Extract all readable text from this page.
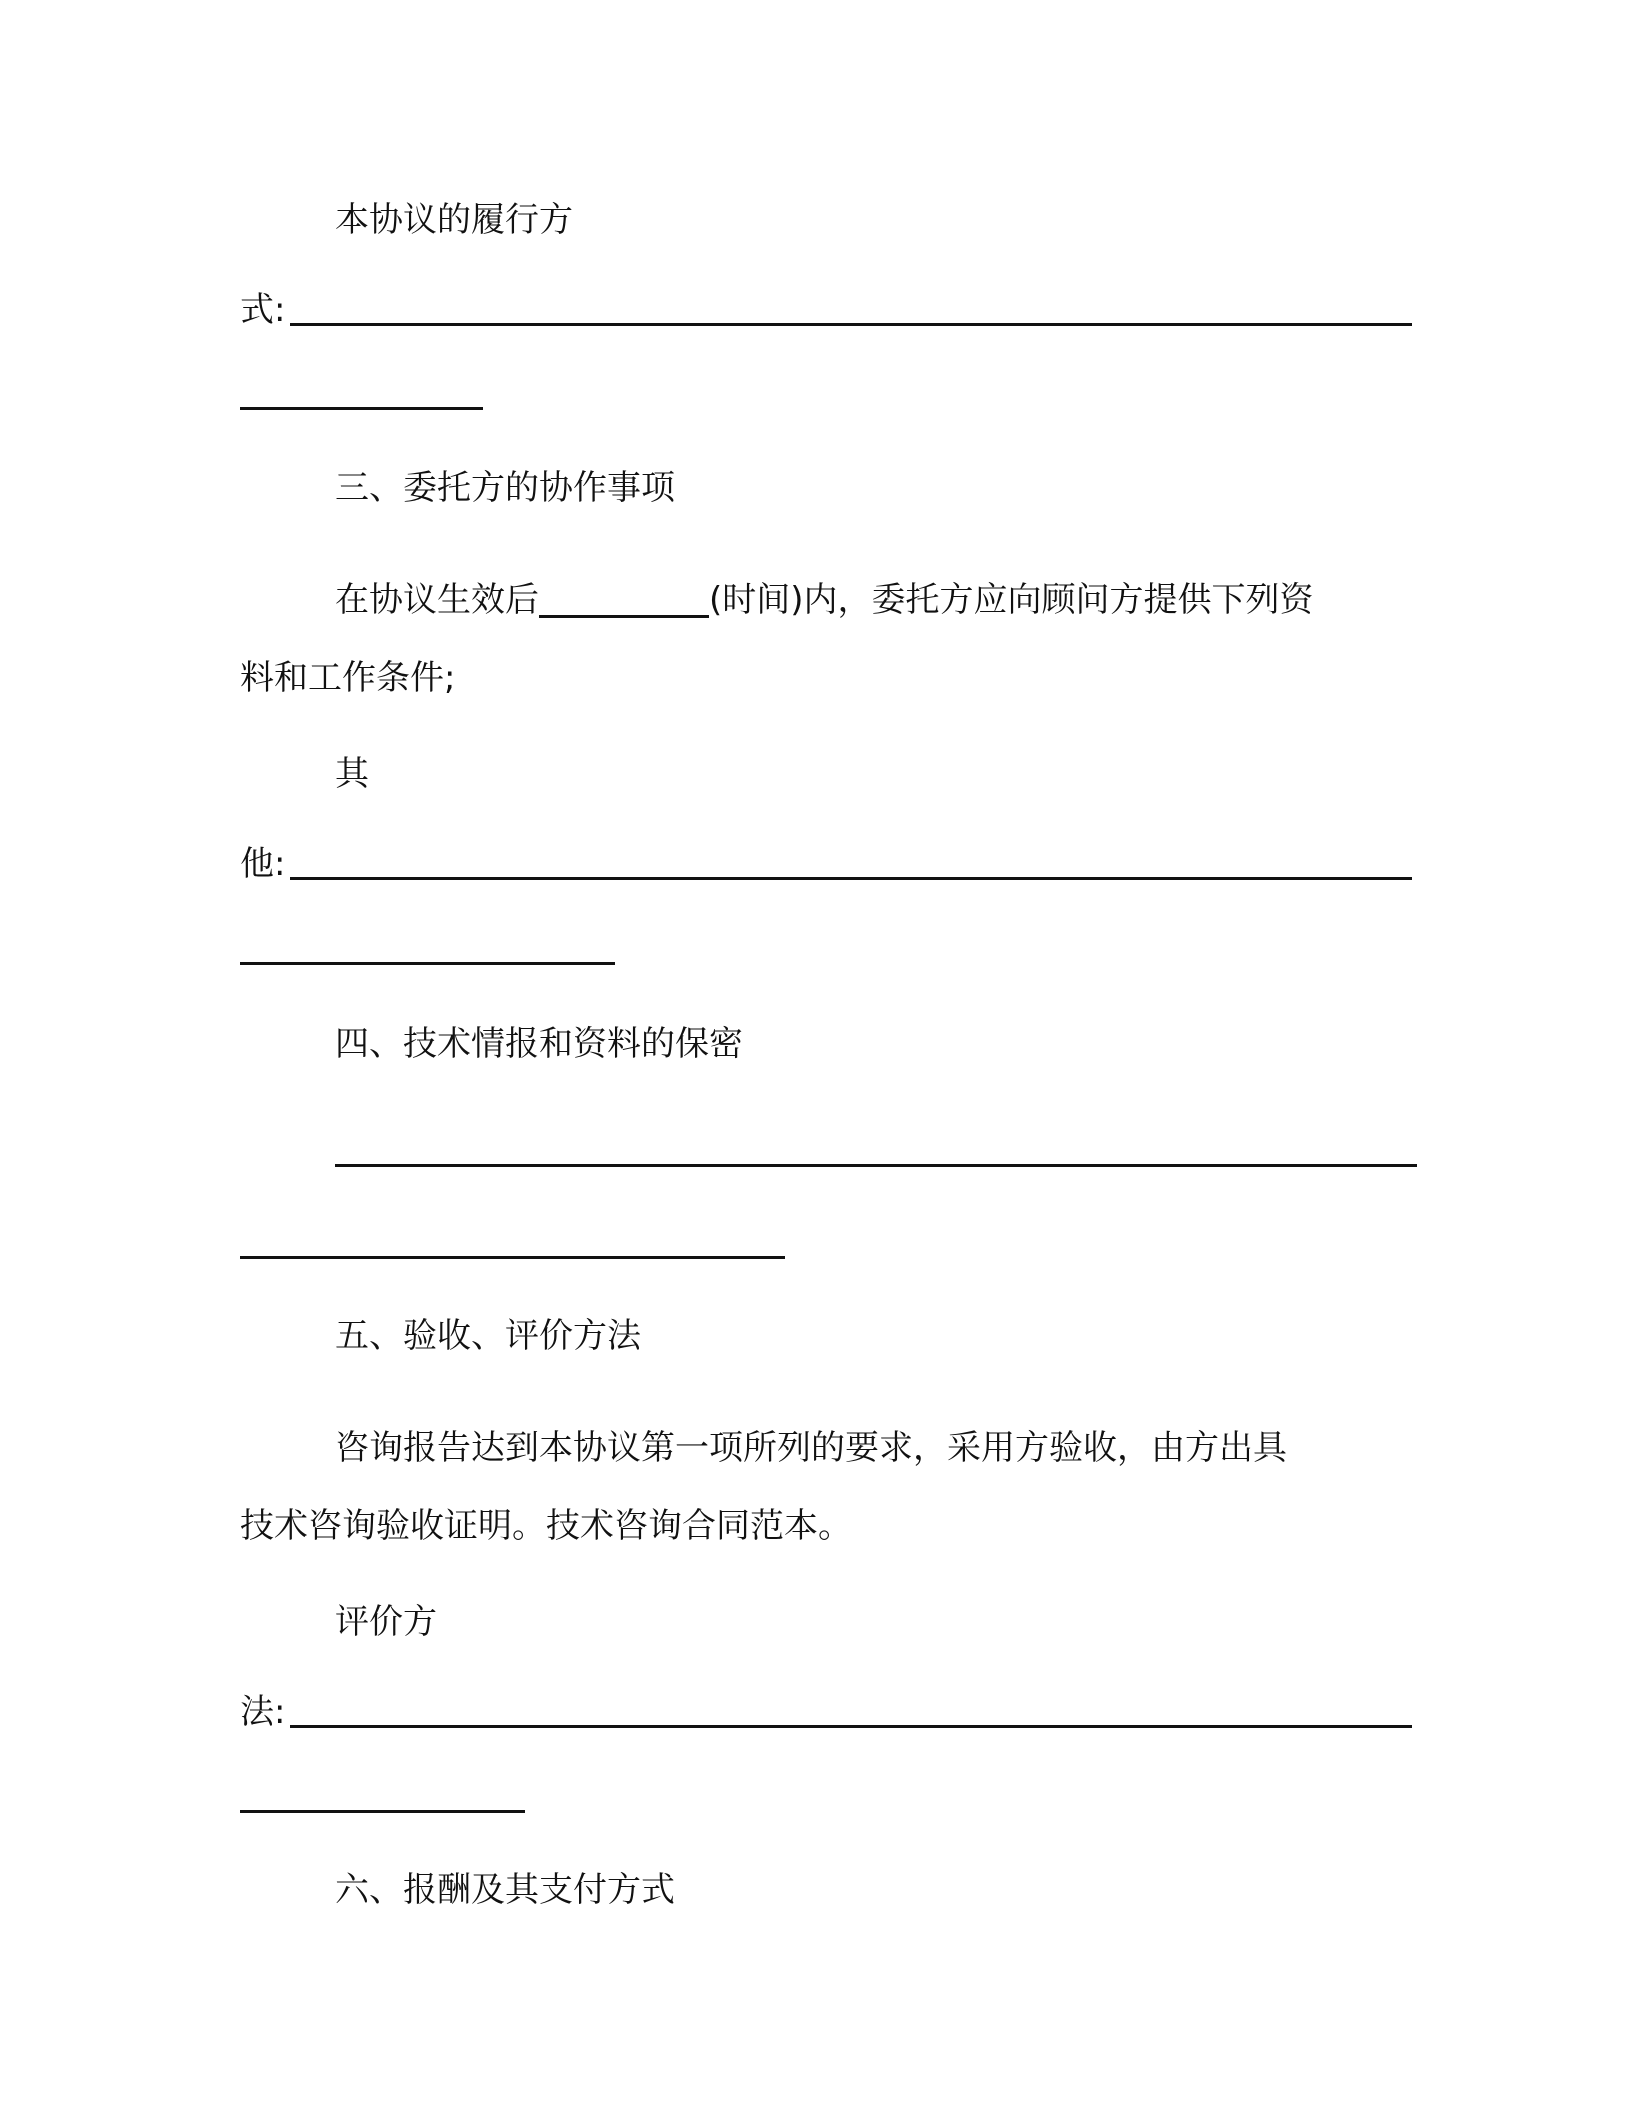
本协议的履行方
式:
三、委托方的协作事项
在协议生效后	(时间)内，委托方应向顾问方提供下列资
料和工作条件;
其
他:
四、技术情报和资料的保密
五、验收、评价方法
咨询报告达到本协议第一项所列的要求，采用方验收，由方出具
技术咨询验收证明。技术咨询合同范本。
评价方
法:
六、报酬及其支付方式
